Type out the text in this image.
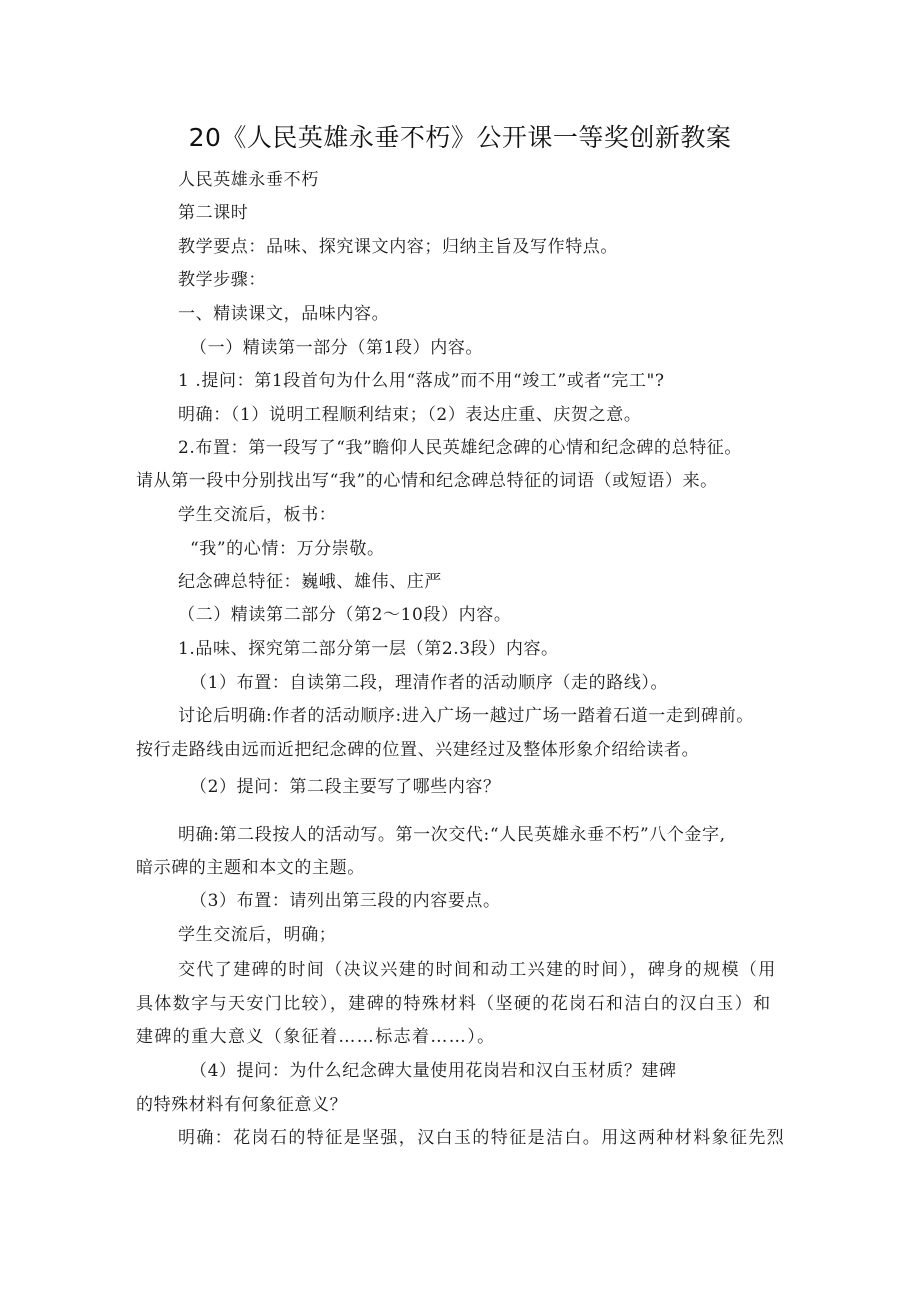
20《人民英雄永垂不朽》公开课一等奖创新教案
人民英雄永垂不朽
第二课时
教学要点：品味、探究课文内容；归纳主旨及写作特点。
教学步骤：
一、精读课文，品味内容。
（一）精读第一部分（第1段）内容。
1 .提问：第1段首句为什么用“落成”而不用“竣工”或者“完工"?
明确：（1）说明工程顺利结束；（2）表达庄重、庆贺之意。
2.布置：第一段写了“我”瞻仰人民英雄纪念碑的心情和纪念碑的总特征。
请从第一段中分别找出写“我”的心情和纪念碑总特征的词语（或短语）来。
学生交流后，板书：
“我”的心情：万分崇敬。
纪念碑总特征：巍峨、雄伟、庄严
（二）精读第二部分（第2〜10段）内容。
1.品味、探究第二部分第一层（第2.3段）内容。
（1）布置：自读第二段，理清作者的活动顺序（走的路线）。
讨论后明确:作者的活动顺序:进入广场一越过广场一踏着石道一走到碑前。
按行走路线由远而近把纪念碑的位置、兴建经过及整体形象介绍给读者。
（2）提问：第二段主要写了哪些内容？
明确:第二段按人的活动写。第一次交代:“人民英雄永垂不朽”八个金字,
暗示碑的主题和本文的主题。
（3）布置：请列出第三段的内容要点。
学生交流后，明确；
交代了建碑的时间（决议兴建的时间和动工兴建的时间），碑身的规模（用
具体数字与天安门比较），建碑的特殊材料（坚硬的花岗石和洁白的汉白玉）和
建碑的重大意义（象征着……标志着……）。
（4）提问：为什么纪念碑大量使用花岗岩和汉白玉材质？建碑
的特殊材料有何象征意义？
明确：花岗石的特征是坚强，汉白玉的特征是洁白。用这两种材料象征先烈
